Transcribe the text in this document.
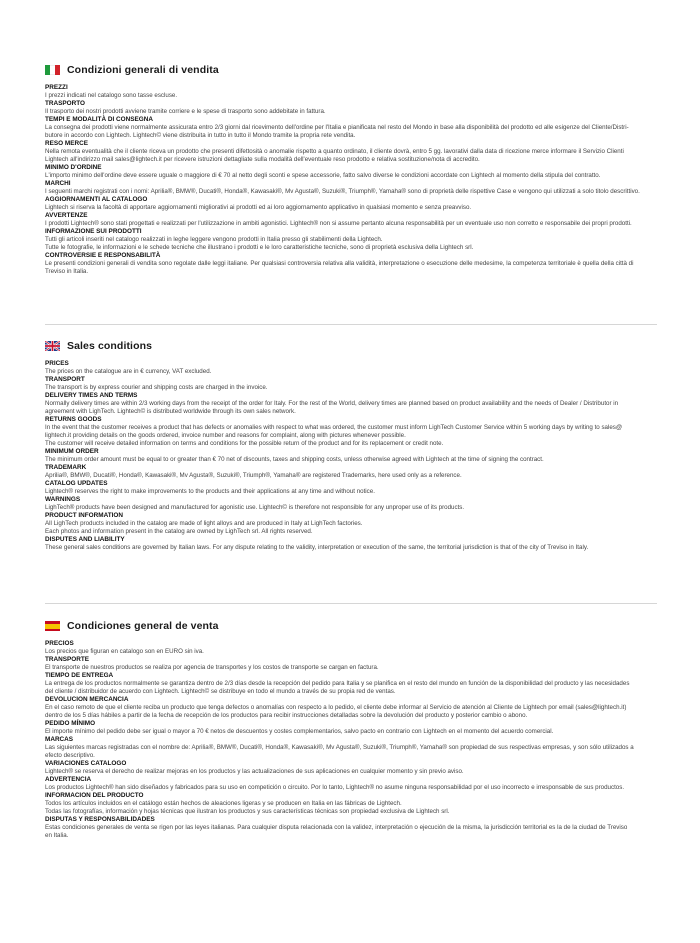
Condizioni generali di vendita
PREZZI
I prezzi indicati nel catalogo sono tasse escluse.
TRASPORTO
Il trasporto dei nostri prodotti avviene tramite corriere e le spese di trasporto sono addebitate in fattura.
TEMPI E MODALITÀ DI CONSEGNA
La consegna dei prodotti viene normalmente assicurata entro 2/3 giorni dal ricevimento dell'ordine per l'Italia e pianificata nel resto del Mondo in base alla disponibilità del prodotto ed alle esigenze del Cliente/Distri-
butore in accordo con Lightech. Lightech© viene distribuita in tutto in tutto il Mondo tramite la propria rete vendita.
RESO MERCE
Nella remota eventualità che il cliente riceva un prodotto che presenti difettosità o anomalie rispetto a quanto ordinato, il cliente dovrà, entro 5 gg. lavorativi dalla data di ricezione merce informare il Servizio Clienti
Lightech all'indirizzo mail sales@lightech.it per ricevere istruzioni dettagliate sulla modalità dell'eventuale reso prodotto e relativa sostituzione/nota di accredito.
MINIMO D'ORDINE
L'importo minimo dell'ordine deve essere uguale o maggiore di € 70 al netto degli sconti e spese accessorie, fatto salvo diverse le condizioni accordate con Lightech al momento della stipula del contratto.
MARCHI
I seguenti marchi registrati con i nomi: Aprilia®, BMW®, Ducati®, Honda®, Kawasaki®, Mv Agusta®, Suzuki®, Triumph®, Yamaha® sono di proprietà delle rispettive Case e vengono qui utilizzati a solo titolo descrittivo.
AGGIORNAMENTI AL CATALOGO
Lightech si riserva la facoltà di apportare aggiornamenti migliorativi ai prodotti ed ai loro aggiornamento applicativo in qualsiasi momento e senza preavviso.
AVVERTENZE
I prodotti Lightech® sono stati progettati e realizzati per l'utilizzazione in ambiti agonistici. Lightech® non si assume pertanto alcuna responsabilità per un eventuale uso non corretto e responsabile dei propri prodotti.
INFORMAZIONE SUI PRODOTTI
Tutti gli articoli inseriti nel catalogo realizzati in leghe leggere vengono prodotti in Italia presso gli stabilimenti della Lightech.
Tutte le fotografie, le informazioni e le schede tecniche che illustrano i prodotti e le loro caratteristiche tecniche, sono di proprietà esclusiva della Lightech srl.
CONTROVERSIE E RESPONSABILITÀ
Le presenti condizioni generali di vendita sono regolate dalle leggi italiane. Per qualsiasi controversia relativa alla validità, interpretazione o esecuzione delle medesime, la competenza territoriale è quella della città di
Treviso in Italia.
Sales conditions
PRICES
The prices on the catalogue are in € currency, VAT excluded.
TRANSPORT
The transport is by express courier and shipping costs are charged in the invoice.
DELIVERY TIMES AND TERMS
Normally delivery times are within 2/3 working days from the receipt of the order for Italy. For the rest of the World, delivery times are planned based on product availability and the needs of Dealer / Distributor in
agreement with LighTech. Lightech© is distributed worldwide through its own sales network.
RETURNS GOODS
In the event that the customer receives a product that has defects or anomalies with respect to what was ordered, the customer must inform LighTech Customer Service within 5 working days by writing to sales@
lightech.it providing details on the goods ordered, invoice number and reasons for complaint, along with pictures whenever possible.
The customer will receive detailed information on terms and conditions for the possible return of the product and for its replacement or credit note.
MINIMUM ORDER
The minimum order amount must be equal to or greater than € 70 net of discounts, taxes and shipping costs, unless otherwise agreed with Lightech at the time of signing the contract.
TRADEMARK
Aprilia®, BMW®, Ducati®, Honda®, Kawasaki®, Mv Agusta®, Suzuki®, Triumph®, Yamaha® are registered Trademarks, here used only as a reference.
CATALOG UPDATES
Lightech® reserves the right to make improvements to the products and their applications at any time and without notice.
WARNINGS
LighTech® products have been designed and manufactured for agonistic use. Lightech© is therefore not responsible for any unproper use of its products.
PRODUCT INFORMATION
All LighTech products included in the catalog are made of light alloys and are produced in Italy at LighTech factories.
Each photos and information present in the catalog are owned by LighTech srl. All rights reserved.
DISPUTES AND LIABILITY
These general sales conditions are governed by Italian laws. For any dispute relating to the validity, interpretation or execution of the same, the territorial jurisdiction is that of the city of Treviso in Italy.
Condiciones general de venta
PRECIOS
Los precios que figuran en catalogo son en EURO sin iva.
TRANSPORTE
El transporte de nuestros productos se realiza por agencia de transportes y los costos de transporte se cargan en factura.
TIEMPO DE ENTREGA
La entrega de los productos normalmente se garantiza dentro de 2/3 días desde la recepción del pedido para Italia y se planifica en el resto del mundo en función de la disponibilidad del producto y las necesidades
del cliente / distribuidor de acuerdo con Lightech. Lightech© se distribuye en todo el mundo a través de su propia red de ventas.
DEVOLUCION MERCANCIA
En el caso remoto de que el cliente reciba un producto que tenga defectos o anomalías con respecto a lo pedido, el cliente debe informar al Servicio de atención al Cliente de Lightech por email (sales@lightech.it)
dentro de los 5 días hábiles a partir de la fecha de recepción de los productos para recibir instrucciones detalladas sobre la devolución del producto y posterior cambio o abono.
PEDIDO MÍNIMO
El importe mínimo del pedido debe ser igual o mayor a 70 € netos de descuentos y costes complementarios, salvo pacto en contrario con Lightech en el momento del acuerdo comercial.
MARCAS
Las siguientes marcas registradas con el nombre de: Aprilia®, BMW®, Ducati®, Honda®, Kawasaki®, Mv Agusta®, Suzuki®, Triumph®, Yamaha® son propiedad de sus respectivas empresas, y son sólo utilizados a
efecto descriptivo.
VARIACIONES CATALOGO
Lightech® se reserva el derecho de realizar mejoras en los productos y las actualizaciones de sus aplicaciones en cualquier momento y sin previo aviso.
ADVERTENCIA
Los productos Lightech® han sido diseñados y fabricados para su uso en competición o circuito. Por lo tanto, Lightech® no asume ninguna responsabilidad por el uso incorrecto e irresponsable de sus productos.
INFORMACION DEL PRODUCTO
Todos los artículos incluidos en el catálogo están hechos de aleaciones ligeras y se producen en Italia en las fábricas de Lightech.
Todas las fotografías, información y hojas técnicas que ilustran los productos y sus características técnicas son propiedad exclusiva de Lightech srl.
DISPUTAS Y RESPONSABILIDADES
Estas condiciones generales de venta se rigen por las leyes italianas. Para cualquier disputa relacionada con la validez, interpretación o ejecución de la misma, la jurisdicción territorial es la de la ciudad de Treviso
en Italia.
